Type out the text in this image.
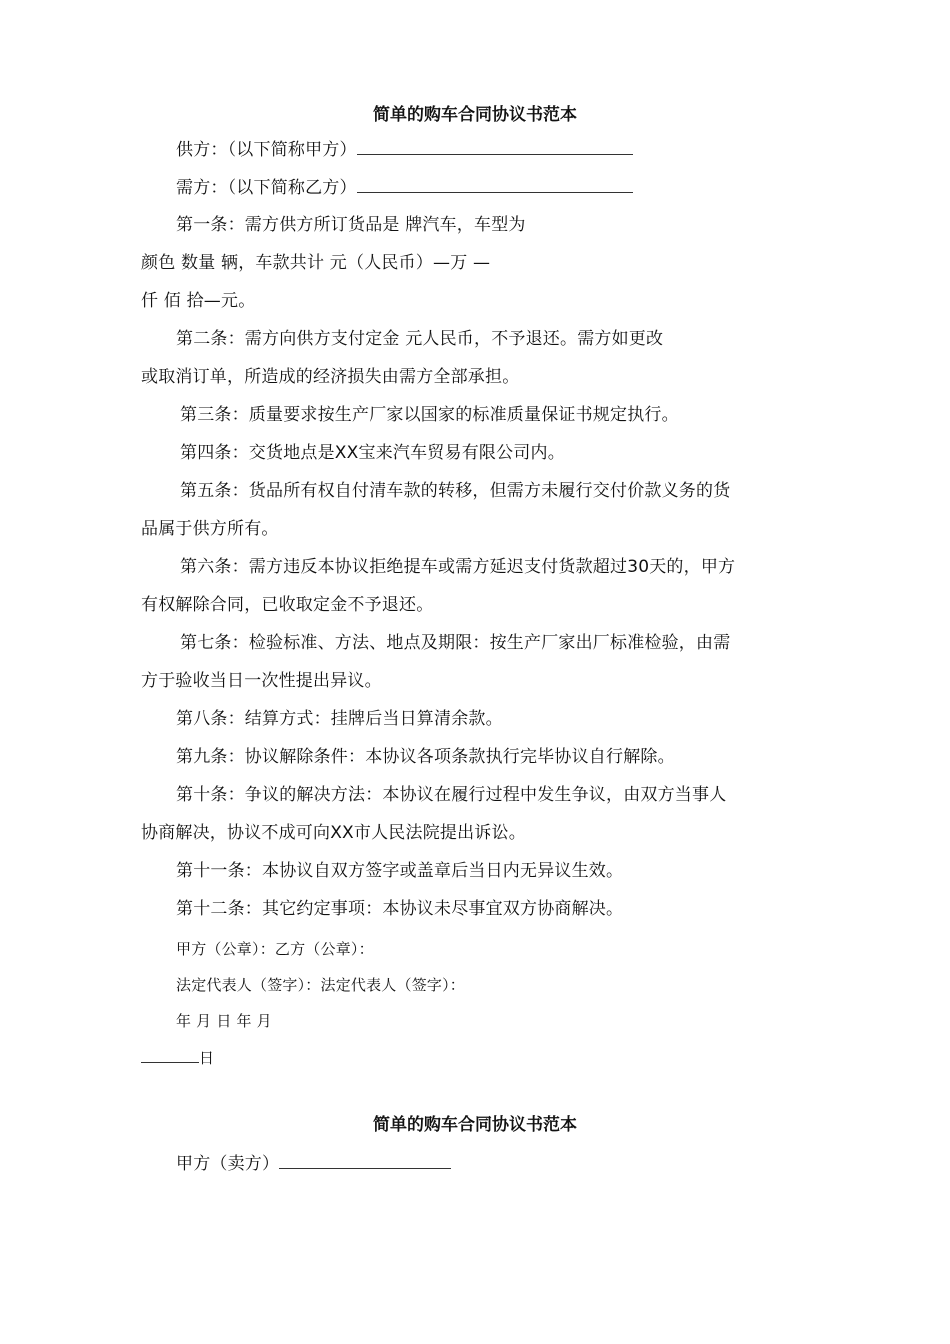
简单的购车合同协议书范本
供方：（以下简称甲方）
需方：（以下简称乙方）
第一条：需方供方所订货品是 牌汽车，车型为
颜色 数量 辆，车款共计 元（人民币）—万 —
仟 佰 拾—元。
第二条：需方向供方支付定金 元人民币，不予退还。需方如更改
或取消订单，所造成的经济损失由需方全部承担。
第三条：质量要求按生产厂家以国家的标准质量保证书规定执行。
第四条：交货地点是XX宝来汽车贸易有限公司内。
第五条：货品所有权自付清车款的转移，但需方未履行交付价款义务的货
品属于供方所有。
第六条：需方违反本协议拒绝提车或需方延迟支付货款超过30天的，甲方
有权解除合同，已收取定金不予退还。
第七条：检验标准、方法、地点及期限：按生产厂家出厂标准检验，由需
方于验收当日一次性提出异议。
第八条：结算方式：挂牌后当日算清余款。
第九条：协议解除条件：本协议各项条款执行完毕协议自行解除。
第十条：争议的解决方法：本协议在履行过程中发生争议，由双方当事人
协商解决，协议不成可向XX市人民法院提出诉讼。
第十一条：本协议自双方签字或盖章后当日内无异议生效。
第十二条：其它约定事项：本协议未尽事宜双方协商解决。
甲方（公章）：乙方（公章）：
法定代表人（签字）：法定代表人（签字）：
年 月 日 年 月
日
简单的购车合同协议书范本
甲方（卖方）
